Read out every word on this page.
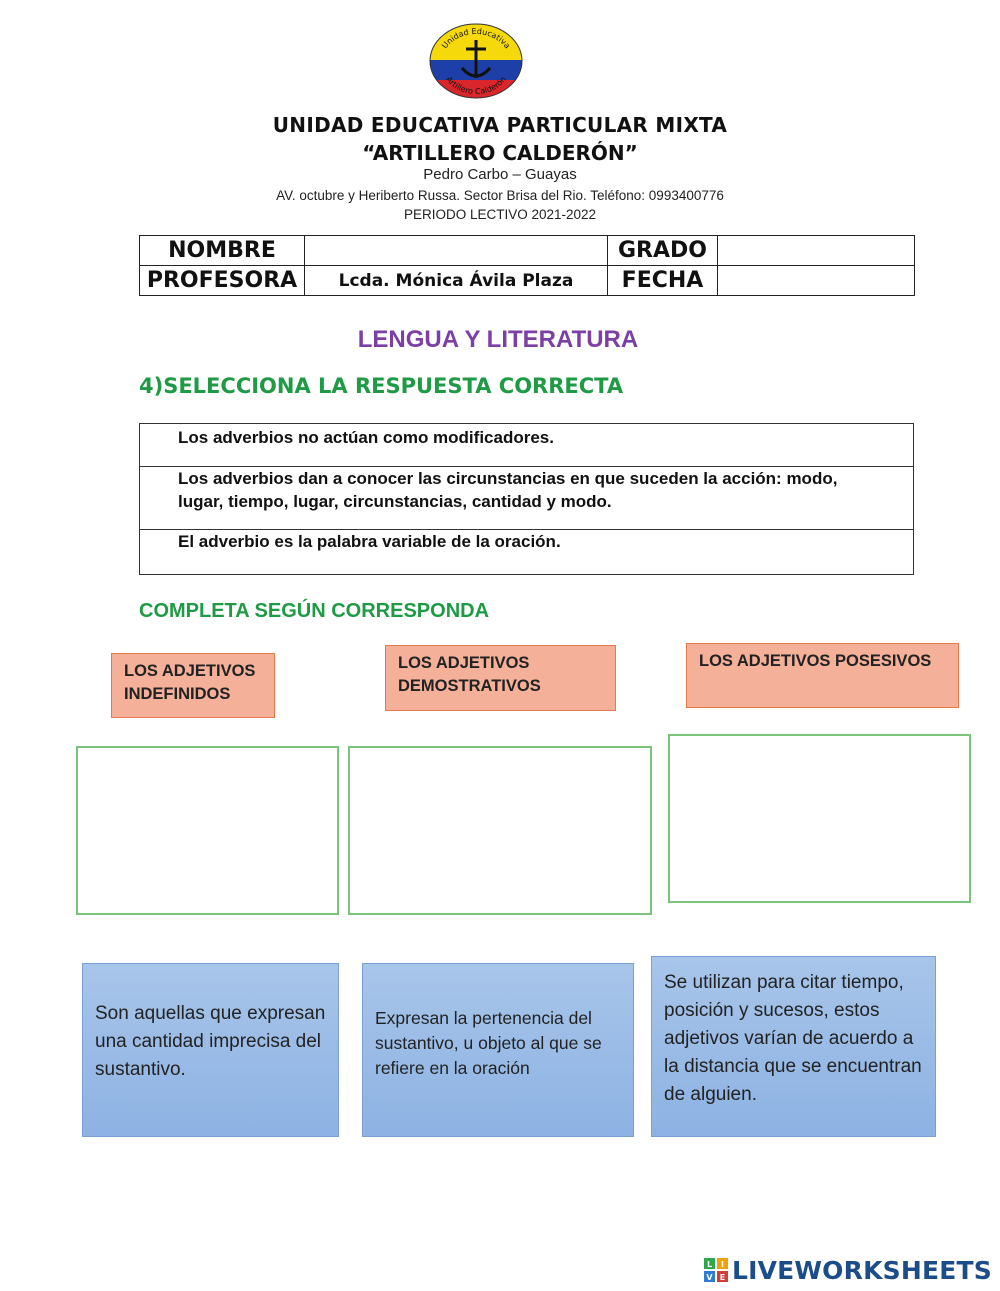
Unidad Educativa
Artillero Calderón
UNIDAD EDUCATIVA PARTICULAR MIXTA
“ARTILLERO CALDERÓN”
Pedro Carbo – Guayas
AV. octubre y Heriberto Russa. Sector Brisa del Rio. Teléfono: 0993400776
PERIODO LECTIVO 2021-2022
NOMBRE		GRADO	
PROFESORA	Lcda. Mónica Ávila Plaza	FECHA	
LENGUA Y LITERATURA
4)SELECCIONA LA RESPUESTA CORRECTA
Los adverbios no actúan como modificadores.
Los adverbios dan a conocer las circunstancias en que suceden la acción: modo, lugar, tiempo, lugar, circunstancias, cantidad y modo.
El adverbio es la palabra variable de la oración.
COMPLETA SEGÚN CORRESPONDA
LOS ADJETIVOS INDEFINIDOS
LOS ADJETIVOS DEMOSTRATIVOS
LOS ADJETIVOS POSESIVOS
Son aquellas que expresan una cantidad imprecisa del sustantivo.
Expresan la pertenencia del sustantivo, u objeto al que se refiere en la oración
Se utilizan para citar tiempo, posición y sucesos, estos adjetivos varían de acuerdo a la distancia que se encuentran de alguien.
L I
V E LIVEWORKSHEETS
